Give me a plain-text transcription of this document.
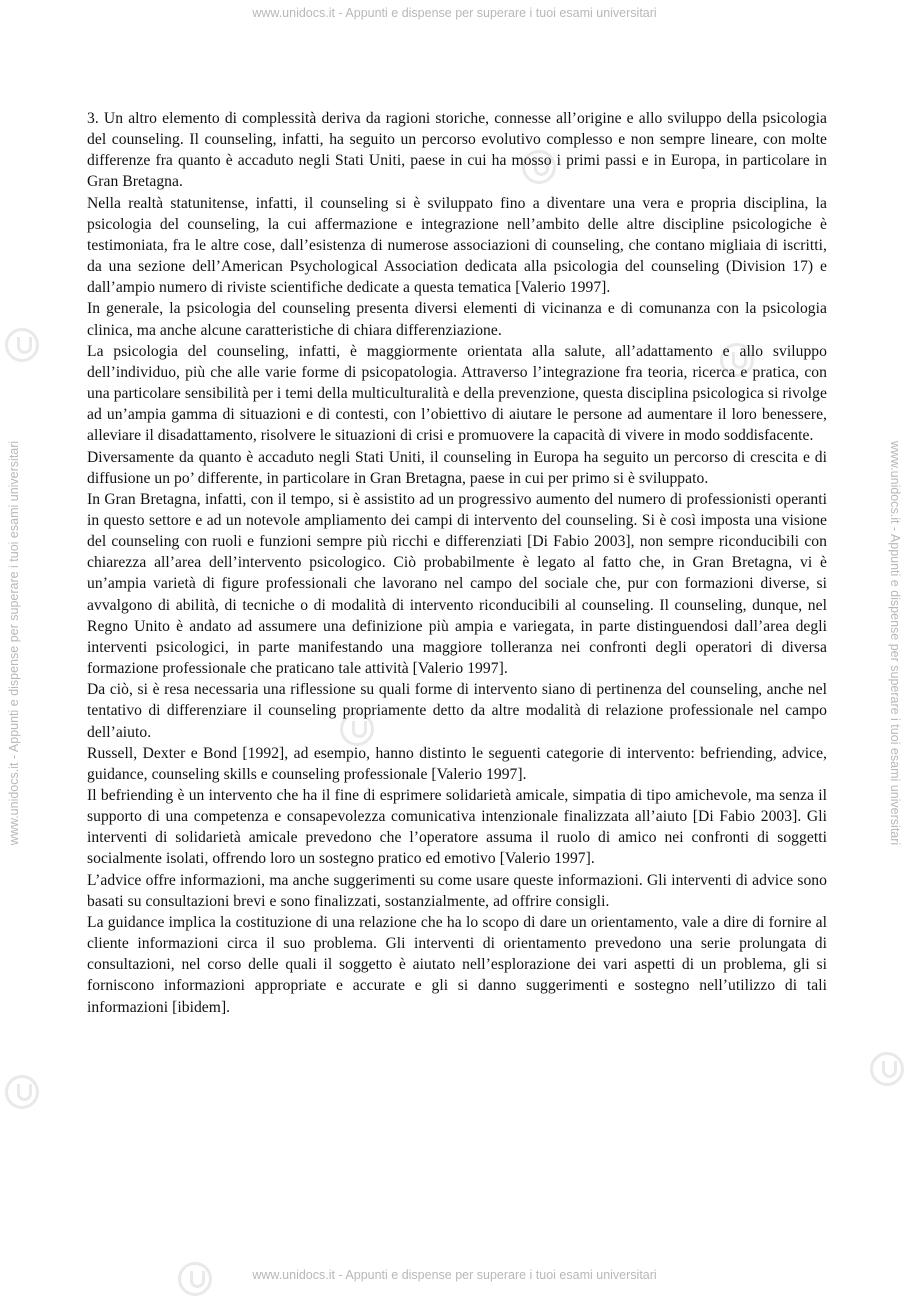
www.unidocs.it - Appunti e dispense per superare i tuoi esami universitari
www.unidocs.it - Appunti e dispense per superare i tuoi esami universitari
www.unidocs.it - Appunti e dispense per superare i tuoi esami universitari	www.unidocs.it - Appunti e dispense per superare i tuoi esami universitari

3. Un altro elemento di complessità deriva da ragioni storiche, connesse all’origine e allo sviluppo della psicologia del counseling. Il counseling, infatti, ha seguito un percorso evolutivo complesso e non sempre lineare, con molte differenze fra quanto è accaduto negli Stati Uniti, paese in cui ha mosso i primi passi e in Europa, in particolare in Gran Bretagna.

Nella realtà statunitense, infatti, il counseling si è sviluppato fino a diventare una vera e propria disciplina, la psicologia del counseling, la cui affermazione e integrazione nell’ambito delle altre discipline psicologiche è testimoniata, fra le altre cose, dall’esistenza di numerose associazioni di counseling, che contano migliaia di iscritti, da una sezione dell’American Psychological Association dedicata alla psicologia del counseling (Division 17) e dall’ampio numero di riviste scientifiche dedicate a questa tematica [Valerio 1997].

In generale, la psicologia del counseling presenta diversi elementi di vicinanza e di comunanza con la psicologia clinica, ma anche alcune caratteristiche di chiara differenziazione.

La psicologia del counseling, infatti, è maggiormente orientata alla salute, all’adattamento e allo sviluppo dell’individuo, più che alle varie forme di psicopatologia. Attraverso l’integrazione fra teoria, ricerca e pratica, con una particolare sensibilità per i temi della multiculturalità e della prevenzione, questa disciplina psicologica si rivolge ad un’ampia gamma di situazioni e di contesti, con l’obiettivo di aiutare le persone ad aumentare il loro benessere, alleviare il disadattamento, risolvere le situazioni di crisi e promuovere la capacità di vivere in modo soddisfacente.

Diversamente da quanto è accaduto negli Stati Uniti, il counseling in Europa ha seguito un percorso di crescita e di diffusione un po’ differente, in particolare in Gran Bretagna, paese in cui per primo si è sviluppato.

In Gran Bretagna, infatti, con il tempo, si è assistito ad un progressivo aumento del numero di professionisti operanti in questo settore e ad un notevole ampliamento dei campi di intervento del counseling. Si è così imposta una visione del counseling con ruoli e funzioni sempre più ricchi e differenziati [Di Fabio 2003], non sempre riconducibili con chiarezza all’area dell’intervento psicologico. Ciò probabilmente è legato al fatto che, in Gran Bretagna, vi è un’ampia varietà di figure professionali che lavorano nel campo del sociale che, pur con formazioni diverse, si avvalgono di abilità, di tecniche o di modalità di intervento riconducibili al counseling. Il counseling, dunque, nel Regno Unito è andato ad assumere una definizione più ampia e variegata, in parte distinguendosi dall’area degli interventi psicologici, in parte manifestando una maggiore tolleranza nei confronti degli operatori di diversa formazione professionale che praticano tale attività [Valerio 1997].

Da ciò, si è resa necessaria una riflessione su quali forme di intervento siano di pertinenza del counseling, anche nel tentativo di differenziare il counseling propriamente detto da altre modalità di relazione professionale nel campo dell’aiuto.

Russell, Dexter e Bond [1992], ad esempio, hanno distinto le seguenti categorie di intervento: befriending, advice, guidance, counseling skills e counseling professionale [Valerio 1997].

Il befriending è un intervento che ha il fine di esprimere solidarietà amicale, simpatia di tipo amichevole, ma senza il supporto di una competenza e consapevolezza comunicativa intenzionale finalizzata all’aiuto [Di Fabio 2003]. Gli interventi di solidarietà amicale prevedono che l’operatore assuma il ruolo di amico nei confronti di soggetti socialmente isolati, offrendo loro un sostegno pratico ed emotivo [Valerio 1997].

L’advice offre informazioni, ma anche suggerimenti su come usare queste informazioni. Gli interventi di advice sono basati su consultazioni brevi e sono finalizzati, sostanzialmente, ad offrire consigli.

La guidance implica la costituzione di una relazione che ha lo scopo di dare un orientamento, vale a dire di fornire al cliente informazioni circa il suo problema. Gli interventi di orientamento prevedono una serie prolungata di consultazioni, nel corso delle quali il soggetto è aiutato nell’esplorazione dei vari aspetti di un problema, gli si forniscono informazioni appropriate e accurate e gli si danno suggerimenti e sostegno nell’utilizzo di tali informazioni [ibidem].
